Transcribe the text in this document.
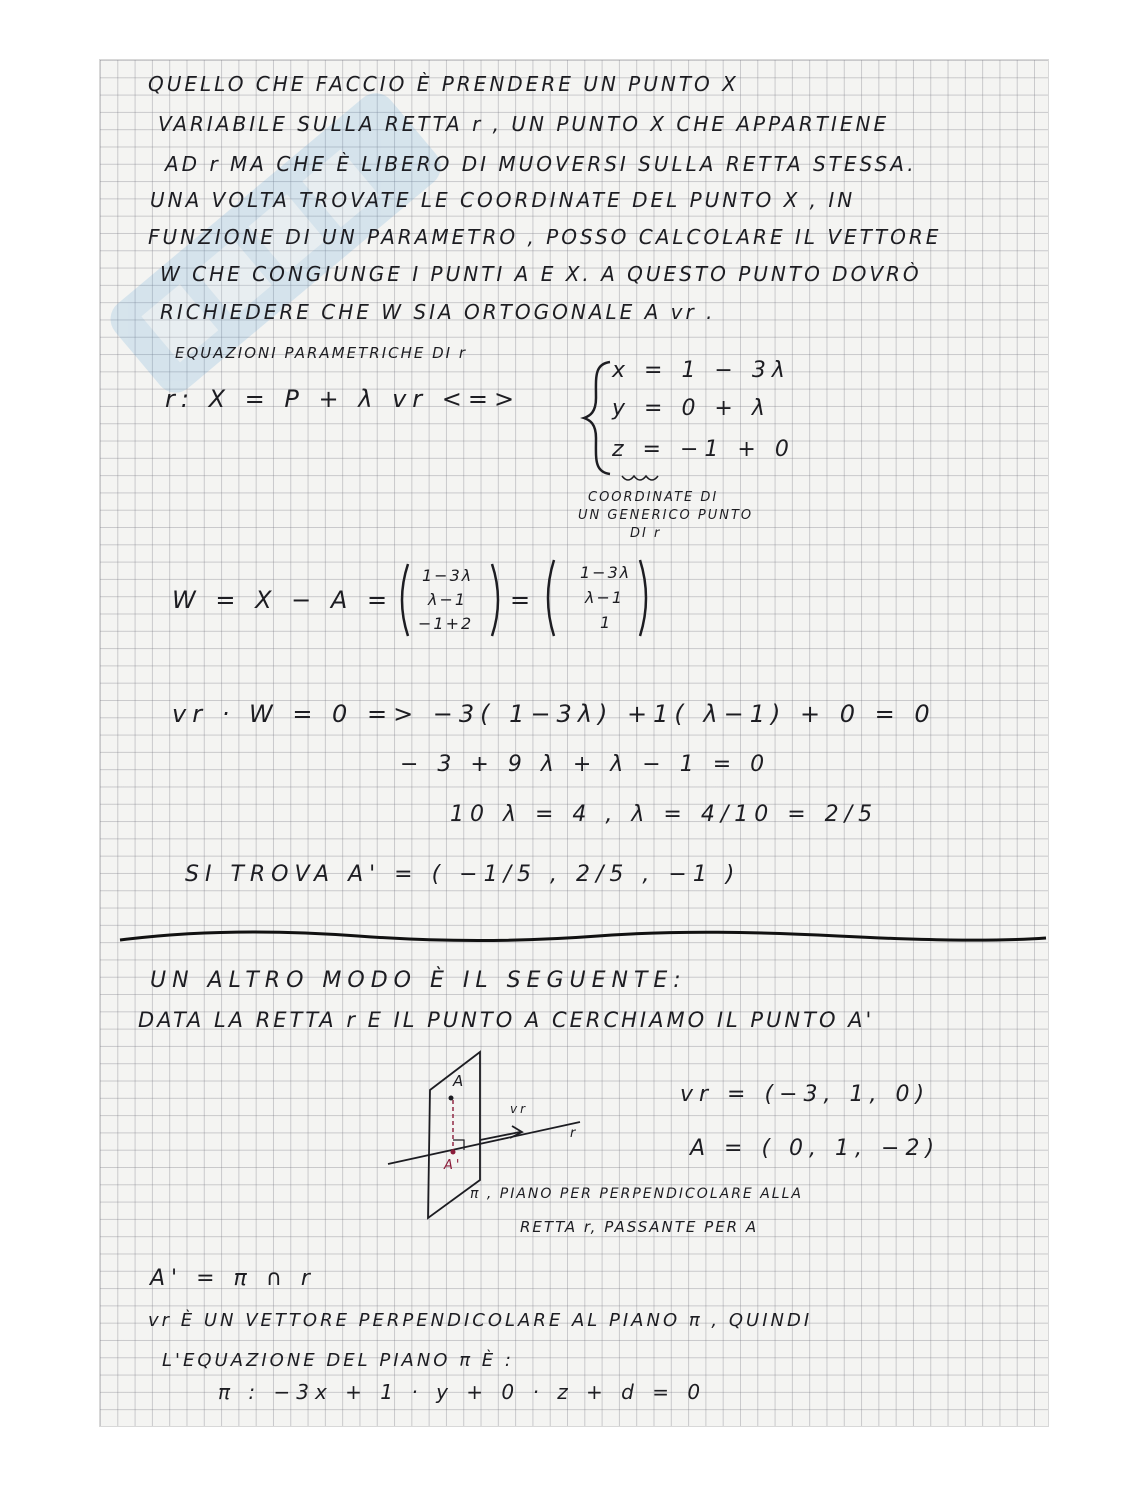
QUELLO CHE FACCIO È PRENDERE UN PUNTO X
VARIABILE SULLA RETTA r , UN PUNTO X CHE APPARTIENE
AD r MA CHE È LIBERO DI MUOVERSI SULLA RETTA STESSA.
UNA VOLTA TROVATE LE COORDINATE DEL PUNTO X , IN
FUNZIONE DI UN PARAMETRO , POSSO CALCOLARE IL VETTORE
W CHE CONGIUNGE I PUNTI A E X. A QUESTO PUNTO DOVRÒ
RICHIEDERE CHE W SIA ORTOGONALE A vr .
EQUAZIONI PARAMETRICHE DI r
r: X = P + λ vr <=>
x = 1 − 3λ
y = 0 + λ
z = −1 + 0
COORDINATE DI
UN GENERICO PUNTO
DI r
W = X − A =
1−3λ
λ−1
−1+2
=
1−3λ
λ−1
1
vr · W = 0 => −3( 1−3λ) +1( λ−1) + 0 = 0
− 3 + 9 λ + λ − 1 = 0
10 λ = 4 , λ = 4/10 = 2/5
SI TROVA A' = ( −1/5 , 2/5 , −1 )
UN ALTRO MODO È IL SEGUENTE:
DATA LA RETTA r E IL PUNTO A CERCHIAMO IL PUNTO A'
A
vr
r
A'
vr = (−3, 1, 0)
A = ( 0, 1, −2)
π , PIANO PER PERPENDICOLARE ALLA
RETTA r, PASSANTE PER A
A' = π ∩ r
vr È UN VETTORE PERPENDICOLARE AL PIANO π , QUINDI
L'EQUAZIONE DEL PIANO π È :
π : −3x + 1 · y + 0 · z + d = 0
